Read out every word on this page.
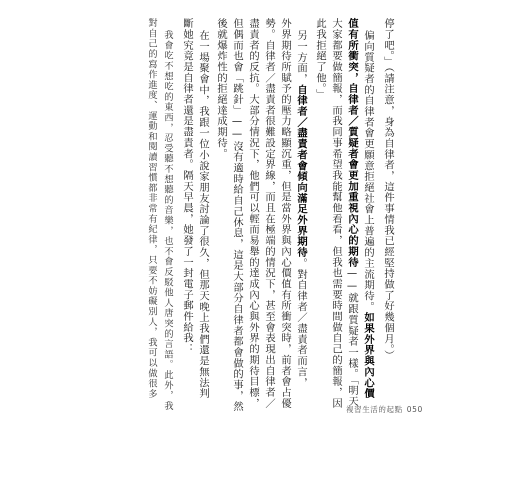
停了吧。」（請注意，身為自律者，這件事情我已經堅持做了好幾個月。）
偏向質疑者的自律者會更願意拒絕社會上普遍的主流期待。如果外界與內心價
值有所衝突，自律者／質疑者會更加重視內心的期待——就跟質疑者一樣。「明天
大家都要做簡報，而我同事希望我能幫他看看，但我也需要時間做自己的簡報，因
此我拒絕了他。」
另一方面，自律者／盡責者會傾向滿足外界期待。對自律者／盡責者而言，
外界期待所賦予的壓力略顯沉重，但是當外界與內心價值有所衝突時，前者會占優
勢。自律者／盡責者很難設定界線，而且在極端的情況下，甚至會表現出自律者／
盡責者的反抗。大部分情況下，他們可以輕而易舉的達成內心與外界的期待目標，
但偶而也會「跳針」——沒有適時給自己休息，這是大部分自律者都會做的事，然
後就爆炸性的拒絕達成期待。
在一場聚會中，我跟一位小說家朋友討論了很久，但那天晚上我們還是無法判
斷她究竟是自律者還是盡責者。隔天早晨，她發了一封電子郵件給我：
我會吃不想吃的東西，忍受聽不想聽的音樂，也不會反駁他人唐突的言語。此外，我
對自己的寫作進度、運動和閱讀習慣都非常有紀律，只要不妨礙別人，我可以做很多
複習生活的起點 050
